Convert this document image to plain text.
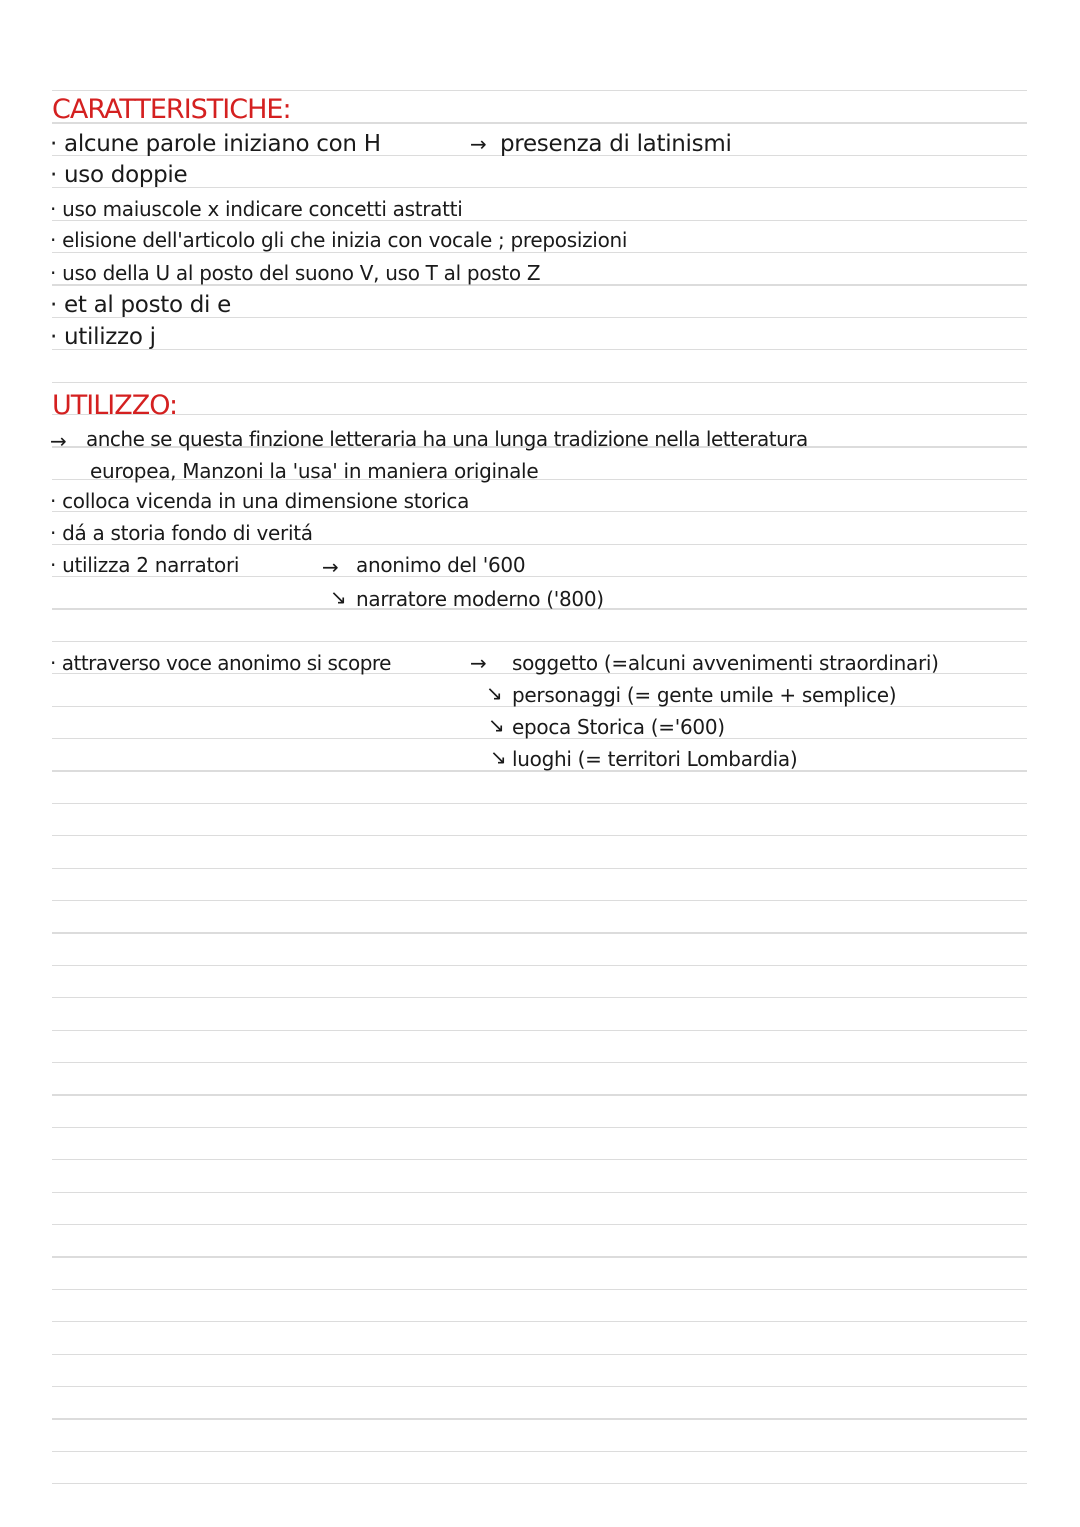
CARATTERISTICHE:
· alcune parole iniziano con H	→ presenza di latinismi
· uso doppie
· uso maiuscole x indicare concetti astratti
· elisione dell'articolo gli che inizia con vocale ; preposizioni
· uso della U al posto del suono V, uso T al posto Z
· et al posto di e
· utilizzo j
UTILIZZO:
→ anche se questa finzione letteraria ha una lunga tradizione nella letteratura
europea, Manzoni la 'usa' in maniera originale
· colloca vicenda in una dimensione storica
· dá a storia fondo di veritá
· utilizza 2 narratori	→ anonimo del '600
↘ narratore moderno ('800)
· attraverso voce anonimo si scopre	→ soggetto (=alcuni avvenimenti straordinari)
↘ personaggi (= gente umile + semplice)
↘ epoca Storica (='600)
↘ luoghi (= territori Lombardia)
